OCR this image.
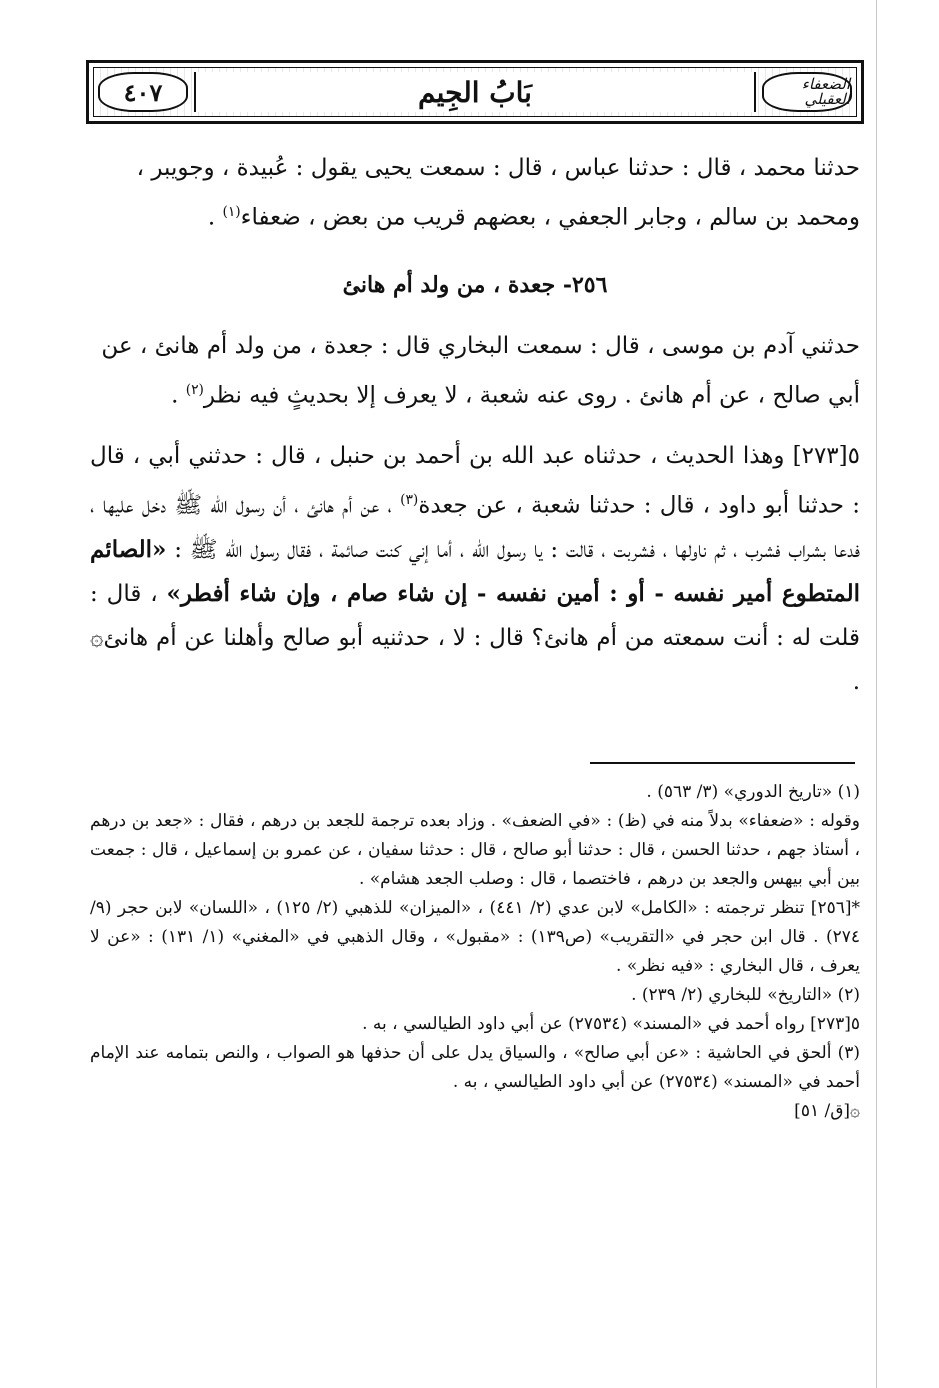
٤٠٧	بَابُ الجِيم	الضعفاء العقيلي
حدثنا محمد ، قال : حدثنا عباس ، قال : سمعت يحيى يقول : عُبيدة ، وجويبر ،
ومحمد بن سالم ، وجابر الجعفي ، بعضهم قريب من بعض ، ضعفاء$^{(١)}$ .
٢٥٦- جعدة ، من ولد أم هانئ
حدثني آدم بن موسى ، قال : سمعت البخاري قال : جعدة ، من ولد أم هانئ ، عن
أبي صالح ، عن أم هانئ . روى عنه شعبة ، لا يعرف إلا بحديثٍ فيه نظر$^{(٢)}$ .
٥[٢٧٣] وهذا الحديث ، حدثناه عبد الله بن أحمد بن حنبل ، قال : حدثني أبي ، قال : حدثنا أبو داود ، قال : حدثنا شعبة ، عن جعدة$^{(٣)}$ ، عن أم هانئ ، أن رسول الله ﷺ دخل عليها ، فدعا بشراب فشرب ، ثم ناولها ، فشربت ، قالت : يا رسول الله ، أما إني كنت صائمة ، فقال رسول الله ﷺ : «الصائم المتطوع أمير نفسه - أو : أمين نفسه - إن شاء صام ، وإن شاء أفطر» ، قال : قلت له : أنت سمعته من أم هانئ؟ قال : لا ، حدثنيه أبو صالح وأهلنا عن أم هانئ۞ .
(١) «تاريخ الدوري» (٣/ ٥٦٣) .
وقوله : «ضعفاء» بدلاً منه في (ظ) : «في الضعف» . وزاد بعده ترجمة للجعد بن درهم ، فقال : «جعد بن درهم ، أستاذ جهم ، حدثنا الحسن ، قال : حدثنا أبو صالح ، قال : حدثنا سفيان ، عن عمرو بن إسماعيل ، قال : جمعت بين أبي بيهس والجعد بن درهم ، فاختصما ، قال : وصلب الجعد هشام» .
*[٢٥٦] تنظر ترجمته : «الكامل» لابن عدي (٢/ ٤٤١) ، «الميزان» للذهبي (٢/ ١٢٥) ، «اللسان» لابن حجر (٩/ ٢٧٤) . قال ابن حجر في «التقريب» (ص١٣٩) : «مقبول» ، وقال الذهبي في «المغني» (١/ ١٣١) : «عن لا يعرف ، قال البخاري : «فيه نظر» .
(٢) «التاريخ» للبخاري (٢/ ٢٣٩) .
٥[٢٧٣] رواه أحمد في «المسند» (٢٧٥٣٤) عن أبي داود الطيالسي ، به .
(٣) ألحق في الحاشية : «عن أبي صالح» ، والسياق يدل على أن حذفها هو الصواب ، والنص بتمامه عند الإمام أحمد في «المسند» (٢٧٥٣٤) عن أبي داود الطيالسي ، به .
۞[ق/ ٥١]
